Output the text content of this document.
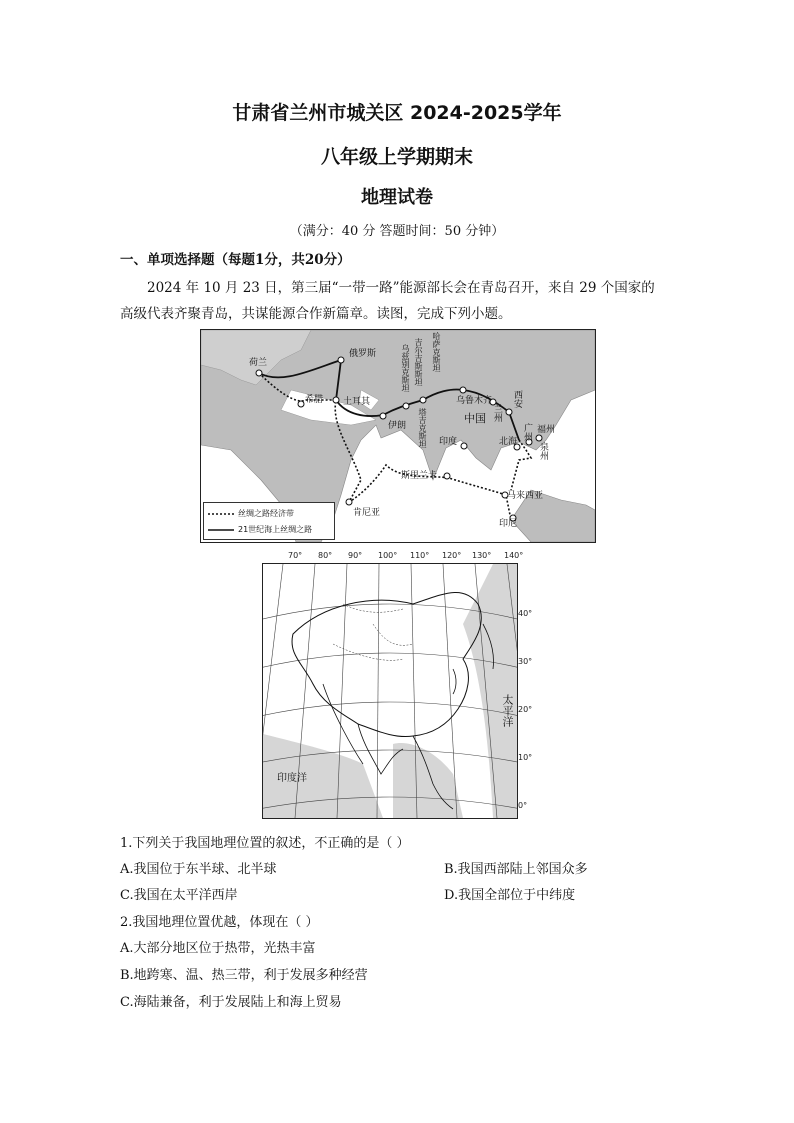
甘肃省兰州市城关区 2024-2025学年
八年级上学期期末
地理试卷
（满分：40 分 答题时间：50 分钟）
一、单项选择题（每题1分，共20分）
2024 年 10 月 23 日，第三届“一带一路”能源部长会在青岛召开，来自 29 个国家的
高级代表齐聚青岛，共谋能源合作新篇章。读图，完成下列小题。
荷兰
俄罗斯	乌兹别克斯坦 吉尔吉斯斯坦 哈萨克斯坦
希腊 土耳其
伊朗 塔吉克斯坦
乌鲁木齐
兰州
西安
中国
印度	北海
广州
泉州
福州
斯里兰卡
马来西亚
印尼
肯尼亚
丝绸之路经济带
21世纪海上丝绸之路
70° 80° 90° 100° 110° 120° 130° 140°
太平洋
印度洋
40°
30°
20°
10°
0°
1.下列关于我国地理位置的叙述，不正确的是（ ）
A.我国位于东半球、北半球	B.我国西部陆上邻国众多
C.我国在太平洋西岸	D.我国全部位于中纬度
2.我国地理位置优越，体现在（ ）
A.大部分地区位于热带，光热丰富
B.地跨寒、温、热三带，利于发展多种经营
C.海陆兼备，利于发展陆上和海上贸易
